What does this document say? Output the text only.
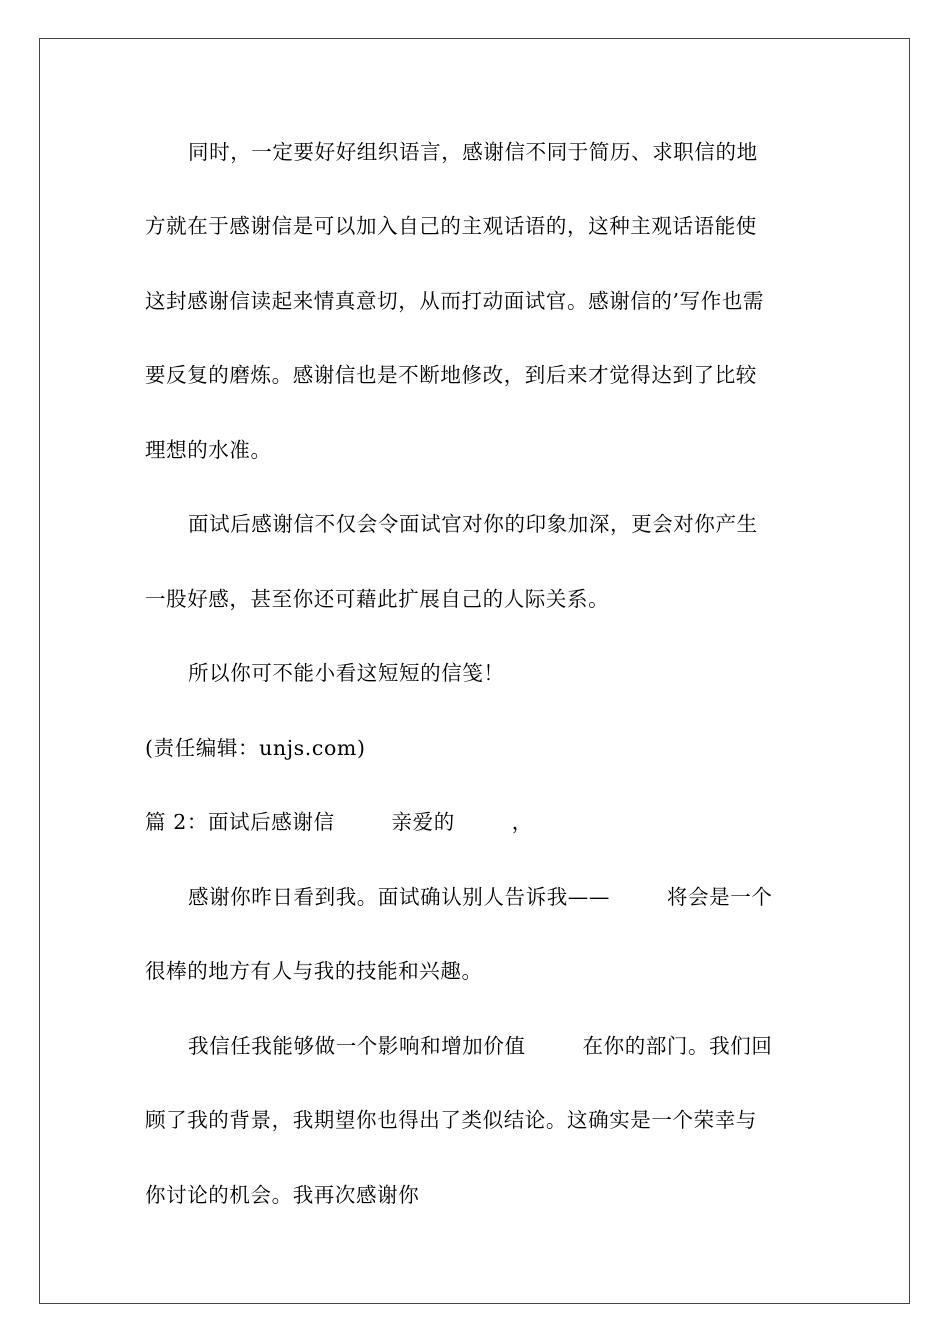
同时，一定要好好组织语言，感谢信不同于简历、求职信的地
方就在于感谢信是可以加入自己的主观话语的，这种主观话语能使
这封感谢信读起来情真意切，从而打动面试官。感谢信的’写作也需
要反复的磨炼。感谢信也是不断地修改，到后来才觉得达到了比较
理想的水准。
面试后感谢信不仅会令面试官对你的印象加深，更会对你产生
一股好感，甚至你还可藉此扩展自己的人际关系。
所以你可不能小看这短短的信笺！
(责任编辑：unjs.com)
篇 2：面试后感谢信        亲爱的        ，
感谢你昨日看到我。面试确认别人告诉我——        将会是一个
很棒的地方有人与我的技能和兴趣。
我信任我能够做一个影响和增加价值        在你的部门。我们回
顾了我的背景，我期望你也得出了类似结论。这确实是一个荣幸与
你讨论的机会。我再次感谢你
